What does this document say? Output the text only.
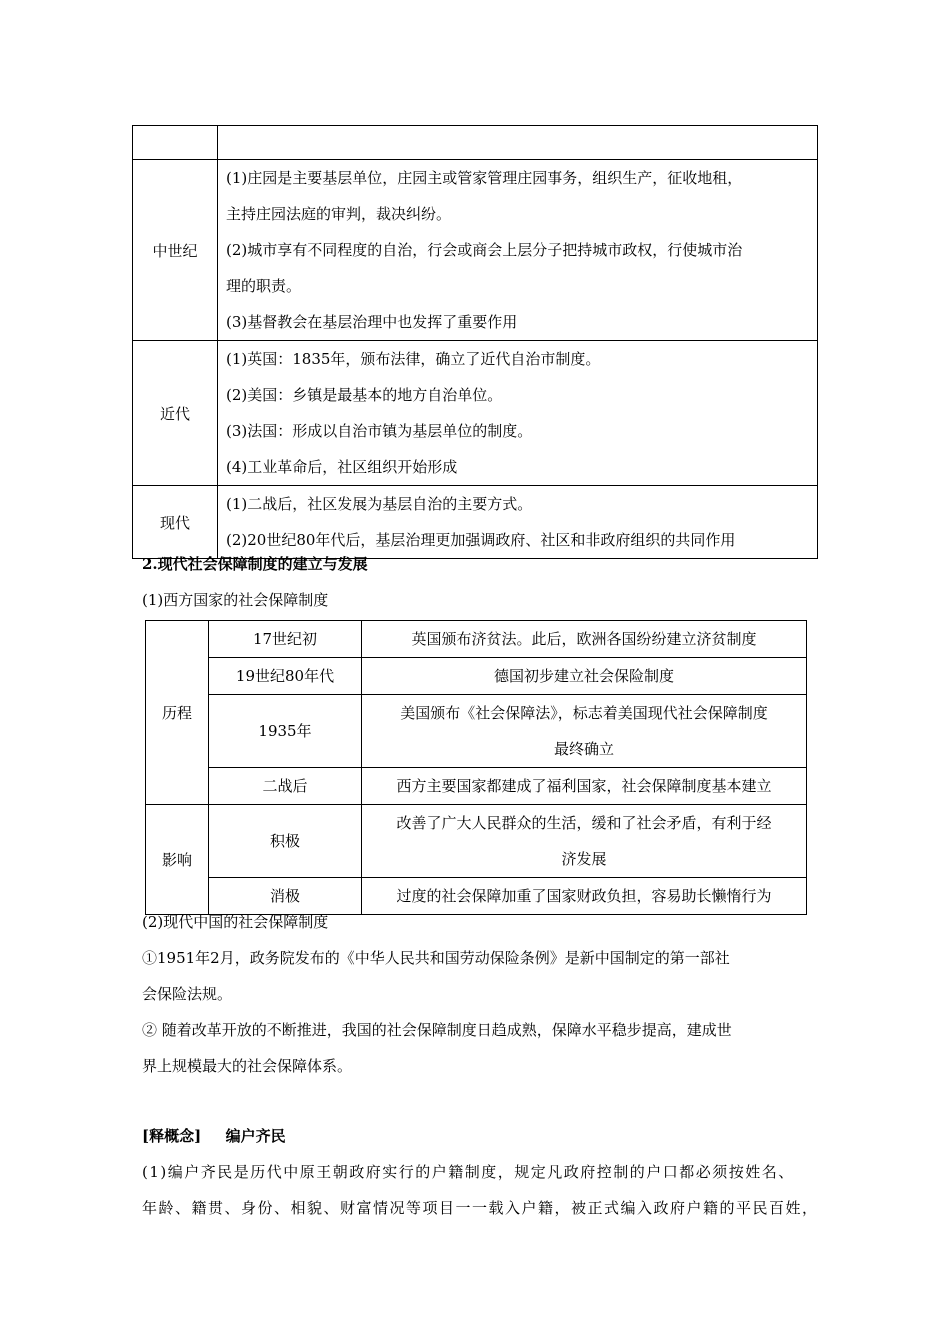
中世纪	(1)庄园是主要基层单位，庄园主或管家管理庄园事务，组织生产，征收地租，
主持庄园法庭的审判，裁决纠纷。
(2)城市享有不同程度的自治，行会或商会上层分子把持城市政权，行使城市治
理的职责。
(3)基督教会在基层治理中也发挥了重要作用

近代	(1)英国：1835年，颁布法律，确立了近代自治市制度。
(2)美国：乡镇是最基本的地方自治单位。
(3)法国：形成以自治市镇为基层单位的制度。
(4)工业革命后，社区组织开始形成

现代	(1)二战后，社区发展为基层自治的主要方式。
(2)20世纪80年代后，基层治理更加强调政府、社区和非政府组织的共同作用
2.现代社会保障制度的建立与发展
(1)西方国家的社会保障制度
历程	17世纪初	英国颁布济贫法。此后，欧洲各国纷纷建立济贫制度
	19世纪80年代	德国初步建立社会保险制度
	1935年	美国颁布《社会保障法》，标志着美国现代社会保障制度
		最终确立
	二战后	西方主要国家都建成了福利国家，社会保障制度基本建立
影响	积极	改善了广大人民群众的生活，缓和了社会矛盾，有利于经
		济发展
	消极	过度的社会保障加重了国家财政负担，容易助长懒惰行为
(2)现代中国的社会保障制度
①1951年2月，政务院发布的《中华人民共和国劳动保险条例》是新中国制定的第一部社
会保险法规。
② 随着改革开放的不断推进，我国的社会保障制度日趋成熟，保障水平稳步提高，建成世
界上规模最大的社会保障体系。
[释概念] 编户齐民
(1)编户齐民是历代中原王朝政府实行的户籍制度，规定凡政府控制的户口都必须按姓名、
年龄、籍贯、身份、相貌、财富情况等项目一一载入户籍，被正式编入政府户籍的平民百姓，
